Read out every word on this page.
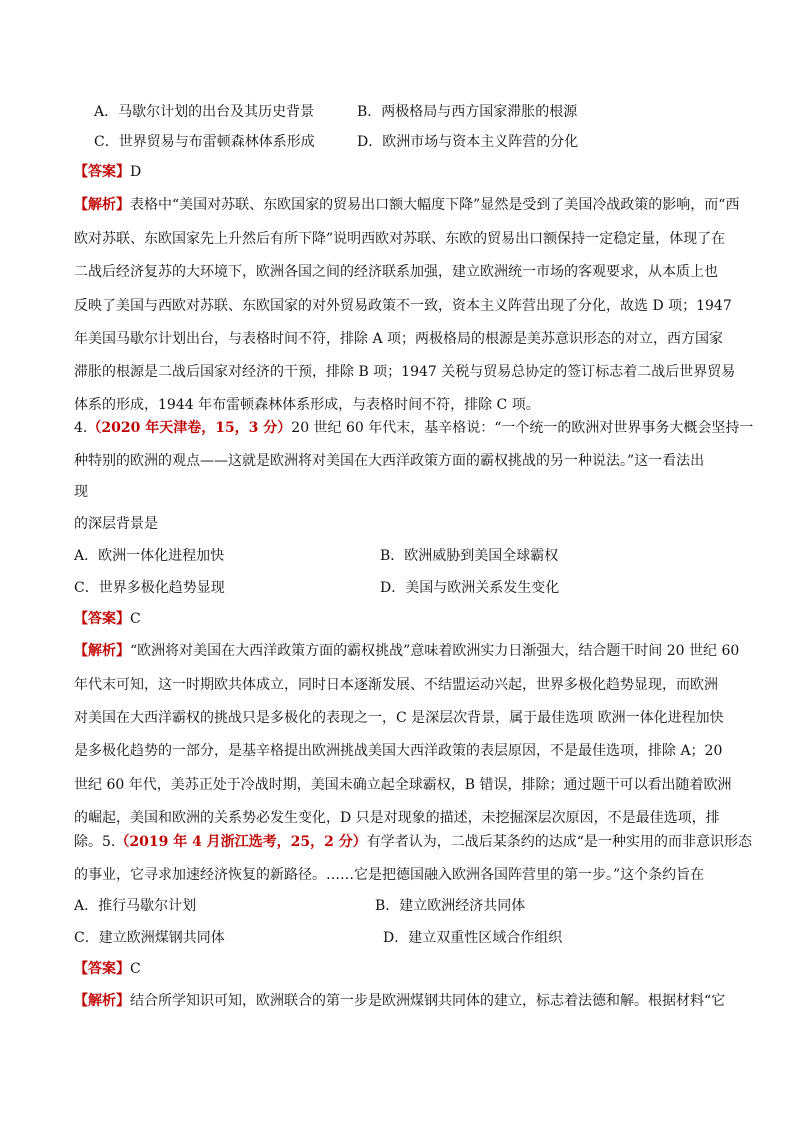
A．马歇尔计划的出台及其历史背景	B．两极格局与西方国家滞胀的根源
C．世界贸易与布雷顿森林体系形成	D．欧洲市场与资本主义阵营的分化
【答案】D
【解析】表格中“美国对苏联、东欧国家的贸易出口额大幅度下降”显然是受到了美国冷战政策的影响，而“西
欧对苏联、东欧国家先上升然后有所下降”说明西欧对苏联、东欧的贸易出口额保持一定稳定量，体现了在
二战后经济复苏的大环境下，欧洲各国之间的经济联系加强，建立欧洲统一市场的客观要求，从本质上也
反映了美国与西欧对苏联、东欧国家的对外贸易政策不一致，资本主义阵营出现了分化，故选 D 项；1947
年美国马歇尔计划出台，与表格时间不符，排除 A 项；两极格局的根源是美苏意识形态的对立，西方国家
滞胀的根源是二战后国家对经济的干预，排除 B 项；1947 关税与贸易总协定的签订标志着二战后世界贸易
体系的形成，1944 年布雷顿森林体系形成，与表格时间不符，排除 C 项。
4.（2020 年天津卷，15，3 分）20 世纪 60 年代末，基辛格说：“一个统一的欧洲对世界事务大概会坚持一
种特别的欧洲的观点——这就是欧洲将对美国在大西洋政策方面的霸权挑战的另一种说法。”这一看法出
现
的深层背景是
A．欧洲一体化进程加快	B．欧洲威胁到美国全球霸权
C．世界多极化趋势显现	D．美国与欧洲关系发生变化
【答案】C
【解析】“欧洲将对美国在大西洋政策方面的霸权挑战”意味着欧洲实力日渐强大，结合题干时间 20 世纪 60
年代末可知，这一时期欧共体成立，同时日本逐渐发展、不结盟运动兴起，世界多极化趋势显现，而欧洲
对美国在大西洋霸权的挑战只是多极化的表现之一，C 是深层次背景，属于最佳选项 欧洲一体化进程加快
是多极化趋势的一部分，是基辛格提出欧洲挑战美国大西洋政策的表层原因，不是最佳选项，排除 A；20
世纪 60 年代，美苏正处于冷战时期，美国未确立起全球霸权，B 错误，排除；通过题干可以看出随着欧洲
的崛起，美国和欧洲的关系势必发生变化，D 只是对现象的描述，未挖掘深层次原因，不是最佳选项，排
除。5.（2019 年 4 月浙江选考，25，2 分）有学者认为，二战后某条约的达成“是一种实用的而非意识形态
的事业，它寻求加速经济恢复的新路径。……它是把德国融入欧洲各国阵营里的第一步。”这个条约旨在
A．推行马歇尔计划	B．建立欧洲经济共同体
C．建立欧洲煤钢共同体	D．建立双重性区域合作组织
【答案】C
【解析】结合所学知识可知，欧洲联合的第一步是欧洲煤钢共同体的建立，标志着法德和解。根据材料“它
